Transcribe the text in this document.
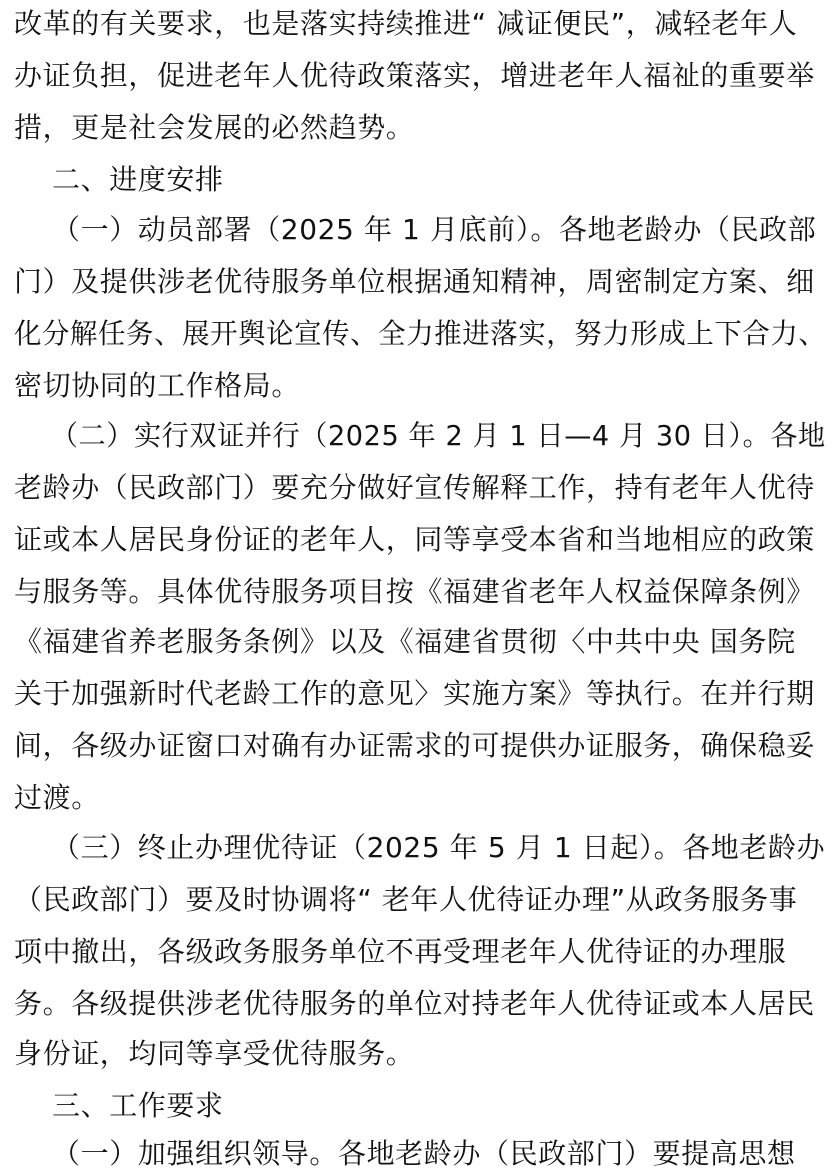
改革的有关要求，也是落实持续推进“ 减证便民”，减轻老年人
办证负担，促进老年人优待政策落实，增进老年人福祉的重要举
措，更是社会发展的必然趋势。
二、进度安排
（一）动员部署（2025 年 1 月底前）。各地老龄办（民政部
门）及提供涉老优待服务单位根据通知精神，周密制定方案、细
化分解任务、展开舆论宣传、全力推进落实，努力形成上下合力、
密切协同的工作格局。
（二）实行双证并行（2025 年 2 月 1 日—4 月 30 日）。各地
老龄办（民政部门）要充分做好宣传解释工作，持有老年人优待
证或本人居民身份证的老年人，同等享受本省和当地相应的政策
与服务等。具体优待服务项目按《福建省老年人权益保障条例》
《福建省养老服务条例》以及《福建省贯彻〈中共中央 国务院
关于加强新时代老龄工作的意见〉实施方案》等执行。在并行期
间，各级办证窗口对确有办证需求的可提供办证服务，确保稳妥
过渡。
（三）终止办理优待证（2025 年 5 月 1 日起）。各地老龄办
（民政部门）要及时协调将“ 老年人优待证办理”从政务服务事
项中撤出，各级政务服务单位不再受理老年人优待证的办理服
务。各级提供涉老优待服务的单位对持老年人优待证或本人居民
身份证，均同等享受优待服务。
三、工作要求
（一）加强组织领导。各地老龄办（民政部门）要提高思想
